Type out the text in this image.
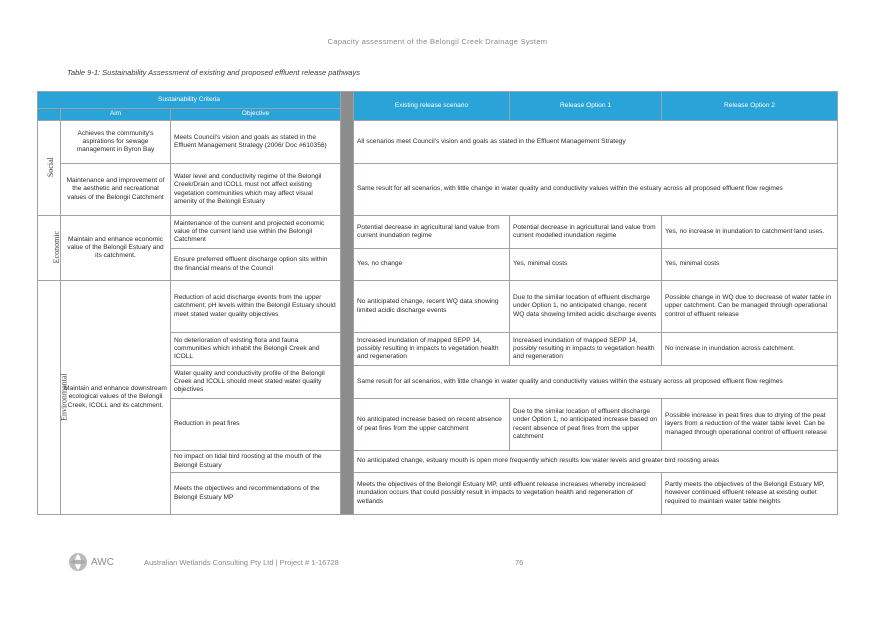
Capacity assessment of the Belongil Creek Drainage System
Table 9-1: Sustainability Assessment of existing and proposed effluent release pathways
Sustainability Criteria				Existing release scenario	Release Option 1	Release Option 2
	Aim	Objective				
Social	Achieves the community's aspirations for sewage management in Byron Bay	Meets Council's vision and goals as stated in the Effluent Management Strategy (2006/ Doc #610356)		All scenarios meet Council's vision and goals as stated in the Effluent Management Strategy		
	Maintenance and improvement of the aesthetic and recreational values of the Belongil Catchment	Water level and conductivity regime of the Belongil Creek/Drain and ICOLL must not affect existing vegetation communities which may affect visual amenity of the Belongil Estuary		Same result for all scenarios, with little change in water quality and conductivity values within the estuary across all proposed effluent flow regimes		
Economic	Maintain and enhance economic value of the Belongil Estuary and its catchment.	Maintenance of the current and projected economic value of the current land use within the Belongil Catchment		Potential decrease in agricultural land value from current inundation regime	Potential decrease in agricultural land value from current modelled inundation regime	Yes, no increase in inundation to catchment land uses.
		Ensure preferred effluent discharge option sits within the financial means of the Council		Yes, no change	Yes, minimal costs	Yes, minimal costs
Environmental	Maintain and enhance downstream ecological values of the Belongil Creek, ICOLL and its catchment.	Reduction of acid discharge events from the upper catchment; pH levels within the Belongil Estuary should meet stated water quality objectives		No anticipated change, recent WQ data showing limited acidic discharge events	Due to the similar location of effluent discharge under Option 1, no anticipated change, recent WQ data showing limited acidic discharge events	Possible change in WQ due to decrease of water table in upper catchment. Can be managed through operational control of effluent release
		No deterioration of existing flora and fauna communities which inhabit the Belongil Creek and ICOLL		Increased inundation of mapped SEPP 14, possibly resulting in impacts to vegetation health and regeneration	Increased inundation of mapped SEPP 14, possibly resulting in impacts to vegetation health and regeneration	No increase in inundation across catchment.
		Water quality and conductivity profile of the Belongil Creek and ICOLL should meet stated water quality objectives		Same result for all scenarios, with little change in water quality and conductivity values within the estuary across all proposed effluent flow regimes		
		Reduction in peat fires		No anticipated increase based on recent absence of peat fires from the upper catchment	Due to the similar location of effluent discharge under Option 1, no anticipated increase based on recent absence of peat fires from the upper catchment	Possible increase in peat fires due to drying of the peat layers from a reduction of the water table level. Can be managed through operational control of effluent release
		No impact on tidal bird roosting at the mouth of the Belongil Estuary		No anticipated change, estuary mouth is open more frequently which results low water levels and greater bird roosting areas		
		Meets the objectives and recommendations of the Belongil Estuary MP		Meets the objectives of the Belongil Estuary MP, until effluent release increases whereby increased inundation occurs that could possibly result in impacts to vegetation health and regeneration of wetlands		Partly meets the objectives of the Belongil Estuary MP, however continued effluent release at existing outlet required to maintain water table heights
AWC	Australian Wetlands Consulting Pty Ltd | Project # 1-16728	76
